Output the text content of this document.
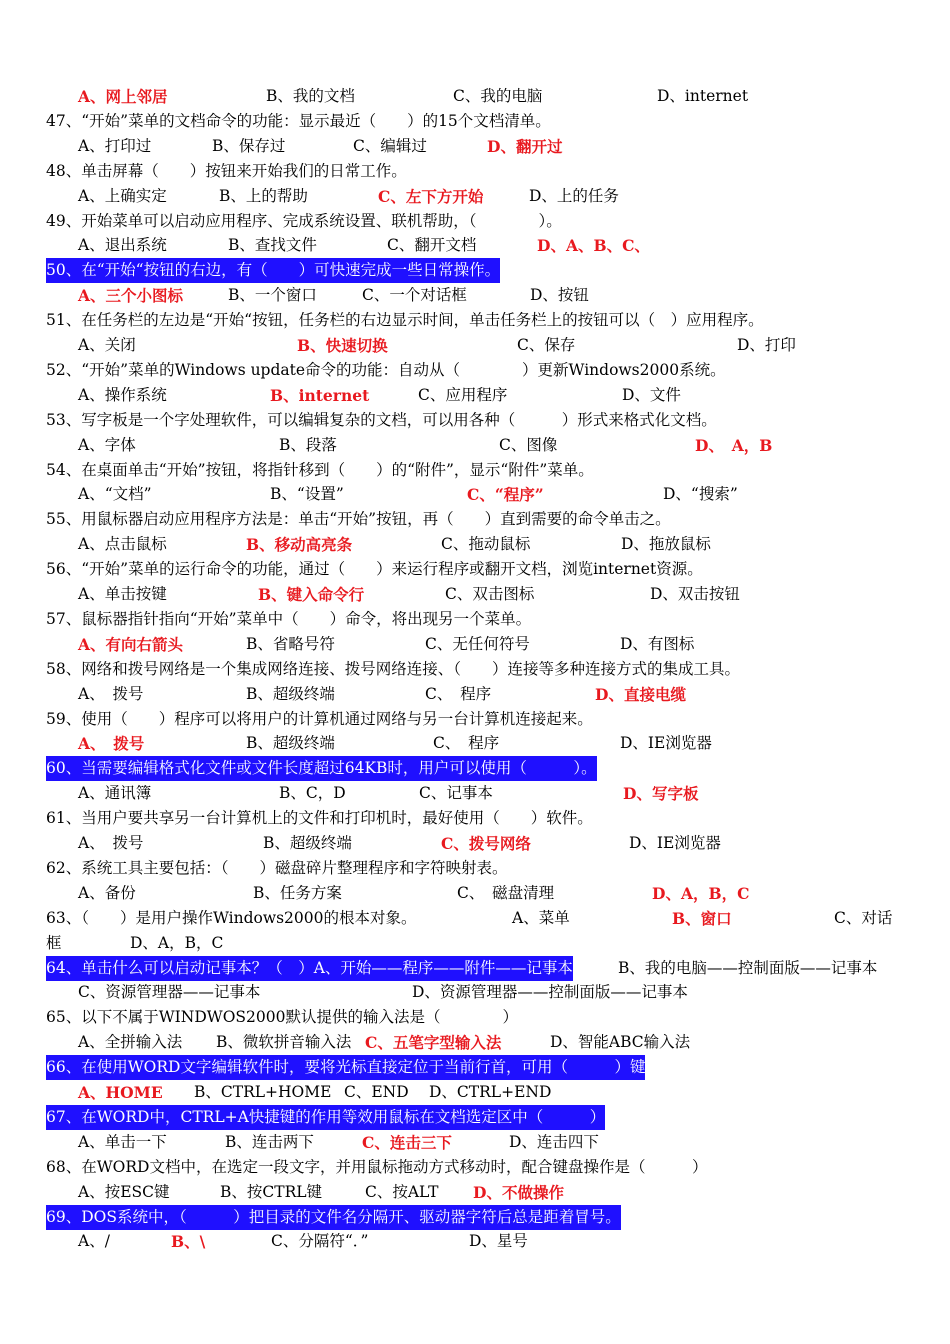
A、网上邻居	B、我的文档	C、我的电脑	D、internet
47、“开始”菜单的文档命令的功能：显示最近（　　）的15个文档清单。
A、打印过	B、保存过	C、编辑过	D、翻开过
48、单击屏幕（　　）按钮来开始我们的日常工作。
A、上确实定	B、上的帮助	C、左下方开始	D、上的任务
49、开始菜单可以启动应用程序、完成系统设置、联机帮助，（　　　　）。
A、退出系统	B、查找文件	C、翻开文档	D、A、B、C、
50、在“开始“按钮的右边，有（　　）可快速完成一些日常操作。
A、三个小图标	B、一个窗口	C、一个对话框	D、按钮
51、在任务栏的左边是“开始“按钮，任务栏的右边显示时间，单击任务栏上的按钮可以（　）应用程序。
A、关闭	B、快速切换	C、保存	D、打印
52、“开始”菜单的Windows update命令的功能：自动从（　　　　）更新Windows2000系统。
A、操作系统	B、internet	C、应用程序	D、文件
53、写字板是一个字处理软件，可以编辑复杂的文档，可以用各种（　　　）形式来格式化文档。
A、字体	B、段落	C、图像	D、　A，B
54、在桌面单击“开始”按钮，将指针移到（　　）的“附件”，显示“附件”菜单。
A、“文档”	B、“设置”	C、“程序”	D、“搜索”
55、用鼠标器启动应用程序方法是：单击“开始”按钮，再（　　）直到需要的命令单击之。
A、点击鼠标	B、移动高亮条	C、拖动鼠标	D、拖放鼠标
56、“开始”菜单的运行命令的功能，通过（　　）来运行程序或翻开文档，浏览internet资源。
A、单击按键	B、键入命令行	C、双击图标	D、双击按钮
57、鼠标器指针指向“开始”菜单中（　　）命令，将出现另一个菜单。
A、有向右箭头	B、省略号符	C、无任何符号	D、有图标
58、网络和拨号网络是一个集成网络连接、拨号网络连接、（　　）连接等多种连接方式的集成工具。
A、　拨号	B、超级终端	C、　程序	D、直接电缆
59、使用（　　）程序可以将用户的计算机通过网络与另一台计算机连接起来。
A、　拨号	B、超级终端	C、　程序	D、IE浏览器
60、当需要编辑格式化文件或文件长度超过64KB时，用户可以使用（　　　）。
A、通讯簿	B、C，D	C、记事本	D、写字板
61、当用户要共享另一台计算机上的文件和打印机时，最好使用（　　）软件。
A、　拨号	B、超级终端	C、拨号网络	D、IE浏览器
62、系统工具主要包括：（　　）磁盘碎片整理程序和字符映射表。
A、备份	B、任务方案	C、　磁盘清理	D、A，B，C
63、（　　）是用户操作Windows2000的根本对象。	A、菜单	B、窗口	C、对话
框	D、A，B，C
64、单击什么可以启动记事本？（　）A、开始——程序——附件——记事本	B、我的电脑——控制面版——记事本
C、资源管理器——记事本	D、资源管理器——控制面版——记事本
65、以下不属于WINDWOS2000默认提供的输入法是（　　　　）
A、全拼输入法 B、微软拼音输入法 C、五笔字型输入法	D、智能ABC输入法
66、在使用WORD文字编辑软件时，要将光标直接定位于当前行首，可用（　　　）键
A、HOME B、CTRL+HOME C、END D、CTRL+END
67、在WORD中，CTRL+A快捷键的作用等效用鼠标在文档选定区中（　　　）
A、单击一下	B、连击两下	C、连击三下	D、连击四下
68、在WORD文档中，在选定一段文字，并用鼠标拖动方式移动时，配合键盘操作是（　　　）
A、按ESC键	B、按CTRL键	C、按ALT D、不做操作
69、DOS系统中，（　　　）把目录的文件名分隔开、驱动器字符后总是距着冒号。
A、/	B、\	C、分隔符“．”	D、星号
